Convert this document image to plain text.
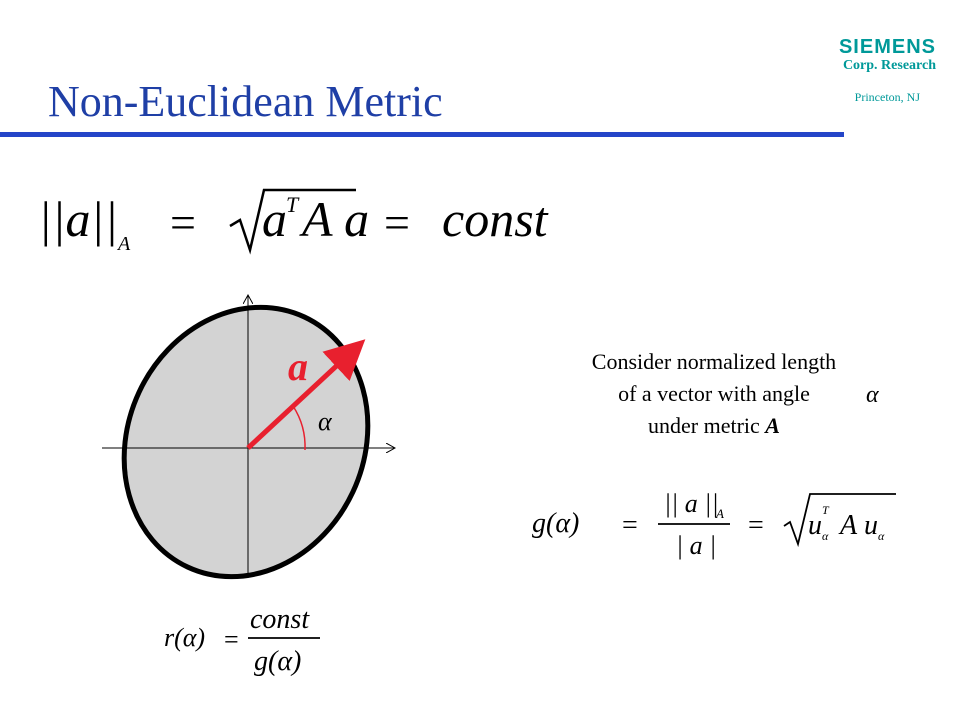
SIEMENS
Corp. Research
Princeton, NJ
Non-Euclidean Metric
||a|| A = a T A a = const
a
α
Consider normalized length
of a vector with angle
under metric A
α
g(α) =
|| a ||
A
| a |
= u T
α A u α
r(α) =
const
g(α)
